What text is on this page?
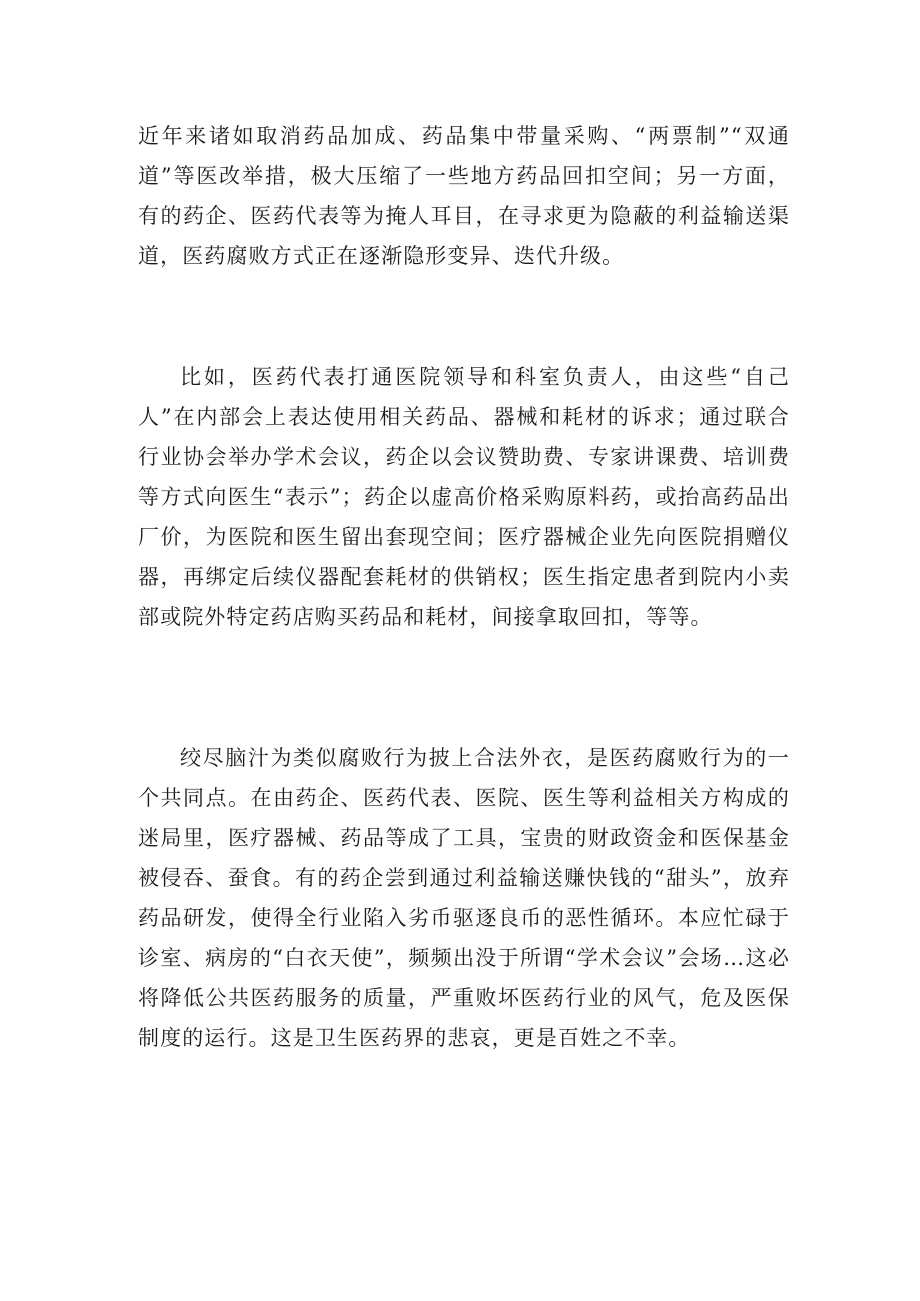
近年来诸如取消药品加成、药品集中带量采购、“两票制”“双通道”等医改举措，极大压缩了一些地方药品回扣空间；另一方面，有的药企、医药代表等为掩人耳目，在寻求更为隐蔽的利益输送渠道，医药腐败方式正在逐渐隐形变异、迭代升级。

比如，医药代表打通医院领导和科室负责人，由这些“自己人”在内部会上表达使用相关药品、器械和耗材的诉求；通过联合行业协会举办学术会议，药企以会议赞助费、专家讲课费、培训费等方式向医生“表示”；药企以虚高价格采购原料药，或抬高药品出厂价，为医院和医生留出套现空间；医疗器械企业先向医院捐赠仪器，再绑定后续仪器配套耗材的供销权；医生指定患者到院内小卖部或院外特定药店购买药品和耗材，间接拿取回扣，等等。

绞尽脑汁为类似腐败行为披上合法外衣，是医药腐败行为的一个共同点。在由药企、医药代表、医院、医生等利益相关方构成的迷局里，医疗器械、药品等成了工具，宝贵的财政资金和医保基金被侵吞、蚕食。有的药企尝到通过利益输送赚快钱的“甜头”，放弃药品研发，使得全行业陷入劣币驱逐良币的恶性循环。本应忙碌于诊室、病房的“白衣天使”，频频出没于所谓“学术会议”会场…这必将降低公共医药服务的质量，严重败坏医药行业的风气，危及医保制度的运行。这是卫生医药界的悲哀，更是百姓之不幸。
